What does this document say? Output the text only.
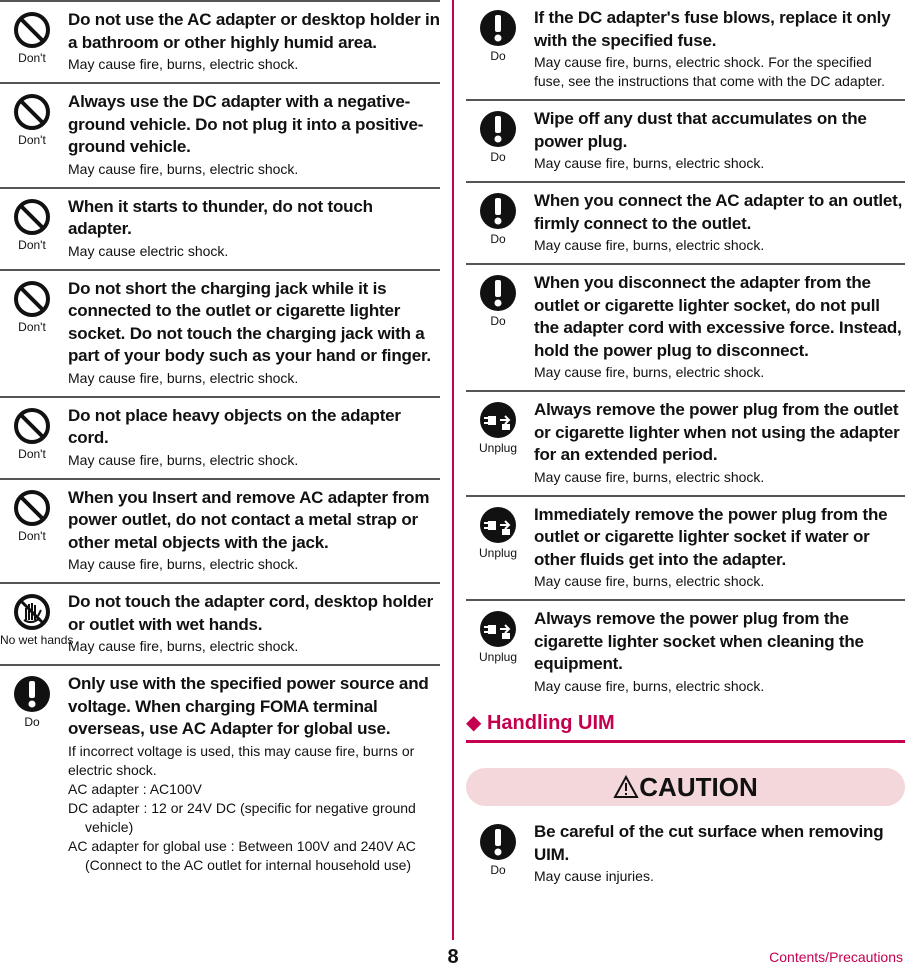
Don't
Do not use the AC adapter or desktop holder in a bathroom or other highly humid area.
May cause fire, burns, electric shock.
Don't
Always use the DC adapter with a negative-ground vehicle. Do not plug it into a positive-ground vehicle.
May cause fire, burns, electric shock.
Don't
When it starts to thunder, do not touch adapter.
May cause electric shock.
Don't
Do not short the charging jack while it is connected to the outlet or cigarette lighter socket. Do not touch the charging jack with a part of your body such as your hand or finger.
May cause fire, burns, electric shock.
Don't
Do not place heavy objects on the adapter cord.
May cause fire, burns, electric shock.
Don't
When you Insert and remove AC adapter from power outlet, do not contact a metal strap or other metal objects with the jack.
May cause fire, burns, electric shock.
No wet hands
Do not touch the adapter cord, desktop holder or outlet with wet hands.
May cause fire, burns, electric shock.
Do
Only use with the specified power source and voltage. When charging FOMA terminal overseas, use AC Adapter for global use.
If incorrect voltage is used, this may cause fire, burns or electric shock.
AC adapter : AC100V
DC adapter : 12 or 24V DC (specific for negative ground vehicle)
AC adapter for global use : Between 100V and 240V AC (Connect to the AC outlet for internal household use)
Do
If the DC adapter's fuse blows, replace it only with the specified fuse.
May cause fire, burns, electric shock. For the specified fuse, see the instructions that come with the DC adapter.
Do
Wipe off any dust that accumulates on the power plug.
May cause fire, burns, electric shock.
Do
When you connect the AC adapter to an outlet, firmly connect to the outlet.
May cause fire, burns, electric shock.
Do
When you disconnect the adapter from the outlet or cigarette lighter socket, do not pull the adapter cord with excessive force. Instead, hold the power plug to disconnect.
May cause fire, burns, electric shock.
Unplug
Always remove the power plug from the outlet or cigarette lighter when not using the adapter for an extended period.
May cause fire, burns, electric shock.
Unplug
Immediately remove the power plug from the outlet or cigarette lighter socket if water or other fluids get into the adapter.
May cause fire, burns, electric shock.
Unplug
Always remove the power plug from the cigarette lighter socket when cleaning the equipment.
May cause fire, burns, electric shock.
◆ Handling UIM
CAUTION
Do
Be careful of the cut surface when removing UIM.
May cause injuries.
8	Contents/Precautions
